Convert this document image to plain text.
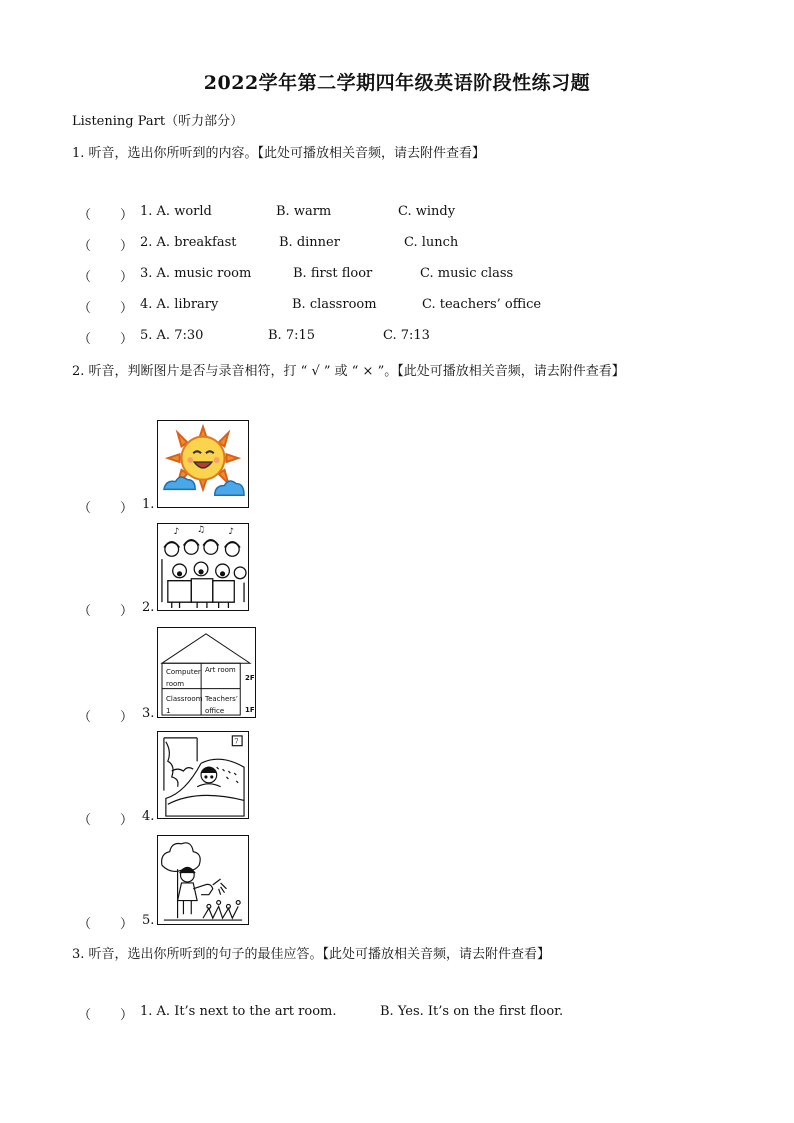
2022学年第二学期四年级英语阶段性练习题
Listening Part（听力部分）
1. 听音，选出你所听到的内容。【此处可播放相关音频，请去附件查看】
（ ） 1. A. world	B. warm	C. windy
（ ） 2. A. breakfast	B. dinner	C. lunch
（ ） 3. A. music room	B. first floor	C. music class
（ ） 4. A. library	B. classroom	C. teachers’ office
（ ） 5. A. 7:30	B. 7:15	C. 7:13
2. 听音，判断图片是否与录音相符，打 “ √ ” 或 “ × ”。【此处可播放相关音频，请去附件查看】
（ ） 1.
♪ ♫	♪
（ ） 2.
Computer
room
Art room
Classroom
1
Teachers’
office
2F
1F
（ ） 3.
7
（ ） 4.
（ ） 5.
3. 听音，选出你所听到的句子的最佳应答。【此处可播放相关音频，请去附件查看】
（ ） 1. A. It’s next to the art room.	B. Yes. It’s on the first floor.
